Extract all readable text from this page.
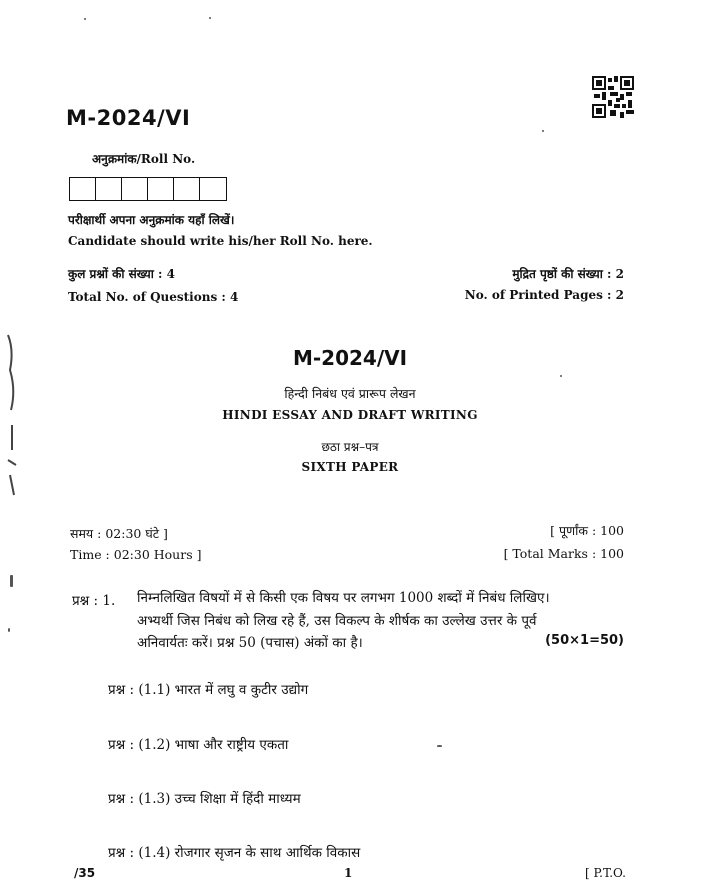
M-2024/VI
अनुक्रमांक/Roll No.
परीक्षार्थी अपना अनुक्रमांक यहाँ लिखें।
Candidate should write his/her Roll No. here.
कुल प्रश्नों की संख्या : 4
Total No. of Questions : 4
मुद्रित पृष्ठों की संख्या : 2
No. of Printed Pages : 2
M-2024/VI
हिन्दी निबंध एवं प्रारूप लेखन
HINDI ESSAY AND DRAFT WRITING
छठा प्रश्न–पत्र
SIXTH PAPER
समय : 02:30 घंटे ]
Time : 02:30 Hours ]
[ पूर्णांक : 100
[ Total Marks : 100
प्रश्न : 1. निम्नलिखित विषयों में से किसी एक विषय पर लगभग 1000 शब्दों में निबंध लिखिए।
अभ्यर्थी जिस निबंध को लिख रहे हैं, उस विकल्प के शीर्षक का उल्लेख उत्तर के पूर्व
अनिवार्यतः करें। प्रश्न 50 (पचास) अंकों का है।	(50×1=50)
प्रश्न : (1.1) भारत में लघु व कुटीर उद्योग
प्रश्न : (1.2) भाषा और राष्ट्रीय एकता
प्रश्न : (1.3) उच्च शिक्षा में हिंदी माध्यम
प्रश्न : (1.4) रोजगार सृजन के साथ आर्थिक विकास
/35	1	[ P.T.O.
